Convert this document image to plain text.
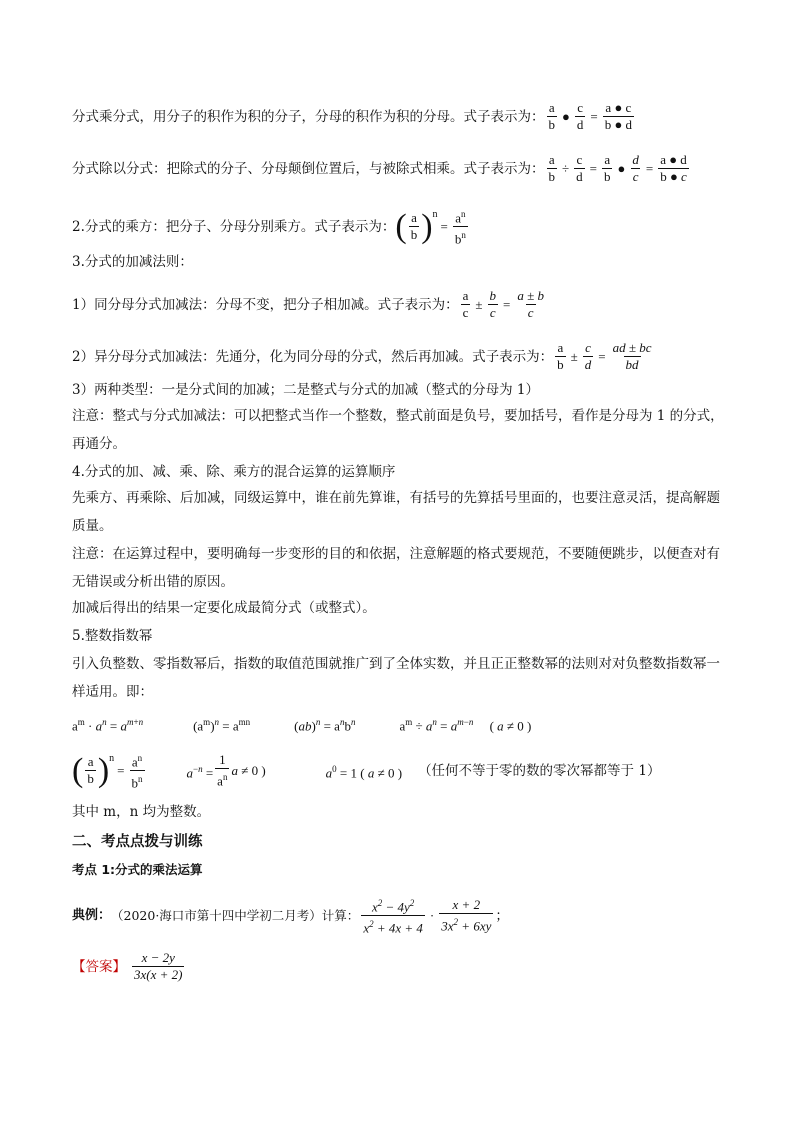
分式乘分式，用分子的积作为积的分子，分母的积作为积的分母。式子表示为： $\frac{a}{b}$ ● $\frac{c}{d} = \frac{a ● c}{b ● d}$
分式除以分式：把除式的分子、分母颠倒位置后，与被除式相乘。式子表示为： $\frac{a}{b} \div \frac{c}{d} = \frac{a}{b}$ ● $\frac{d}{c} = \frac{a ● d}{b ● c}$
2.分式的乘方：把分子、分母分别乘方。式子表示为： ( $\frac{a}{b}$ ) n
= $\frac{a^n}{b^n}$
3.分式的加减法则：
1）同分母分式加减法：分母不变，把分子相加减。式子表示为： $\frac{a}{c} \pm \frac{b}{c} = \frac{a \pm b}{c}$
2）异分母分式加减法：先通分，化为同分母的分式，然后再加减。式子表示为： $\frac{a}{b} \pm \frac{c}{d} = \frac{ad \pm bc}{bd}$
3）两种类型：一是分式间的加减；二是整式与分式的加减（整式的分母为 1）
注意：整式与分式加减法：可以把整式当作一个整数，整式前面是负号，要加括号，看作是分母为 1 的分式，再通分。
4.分式的加、减、乘、除、乘方的混合运算的运算顺序
先乘方、再乘除、后加减，同级运算中，谁在前先算谁，有括号的先算括号里面的，也要注意灵活，提高解题质量。
注意：在运算过程中，要明确每一步变形的目的和依据，注意解题的格式要规范，不要随便跳步，以便查对有无错误或分析出错的原因。
加减后得出的结果一定要化成最简分式（或整式）。
5.整数指数幂
引入负整数、零指数幂后，指数的取值范围就推广到了全体实数，并且正正整数幂的法则对对负整数指数幂一样适用。即：
$a^m \cdot a^n = a^{m+n}$	$(a^m)^n = a^{mn}$	$(ab)^n = a^nb^n$	$a^m \div a^n = a^{m-n}$     ( a ≠ 0 )
( $\frac{a}{b}$ ) n
= $\frac{a^n}{b^n}$	$a^{-n} = \frac{1}{a^n}$ a ≠ 0 )	$a^0 = 1$ ( a ≠ 0 ) （任何不等于零的数的零次幂都等于 1）
其中 m，n 均为整数。
二、考点点拨与训练
考点 1:分式的乘法运算
典例： （2020·海口市第十四中学初二月考）计算： $\frac{x^2 - 4y^2}{x^2 + 4x + 4} \cdot \frac{x + 2}{3x^2 + 6xy}$ ；
【答案】 $\frac{x - 2y}{3x(x + 2)}$
